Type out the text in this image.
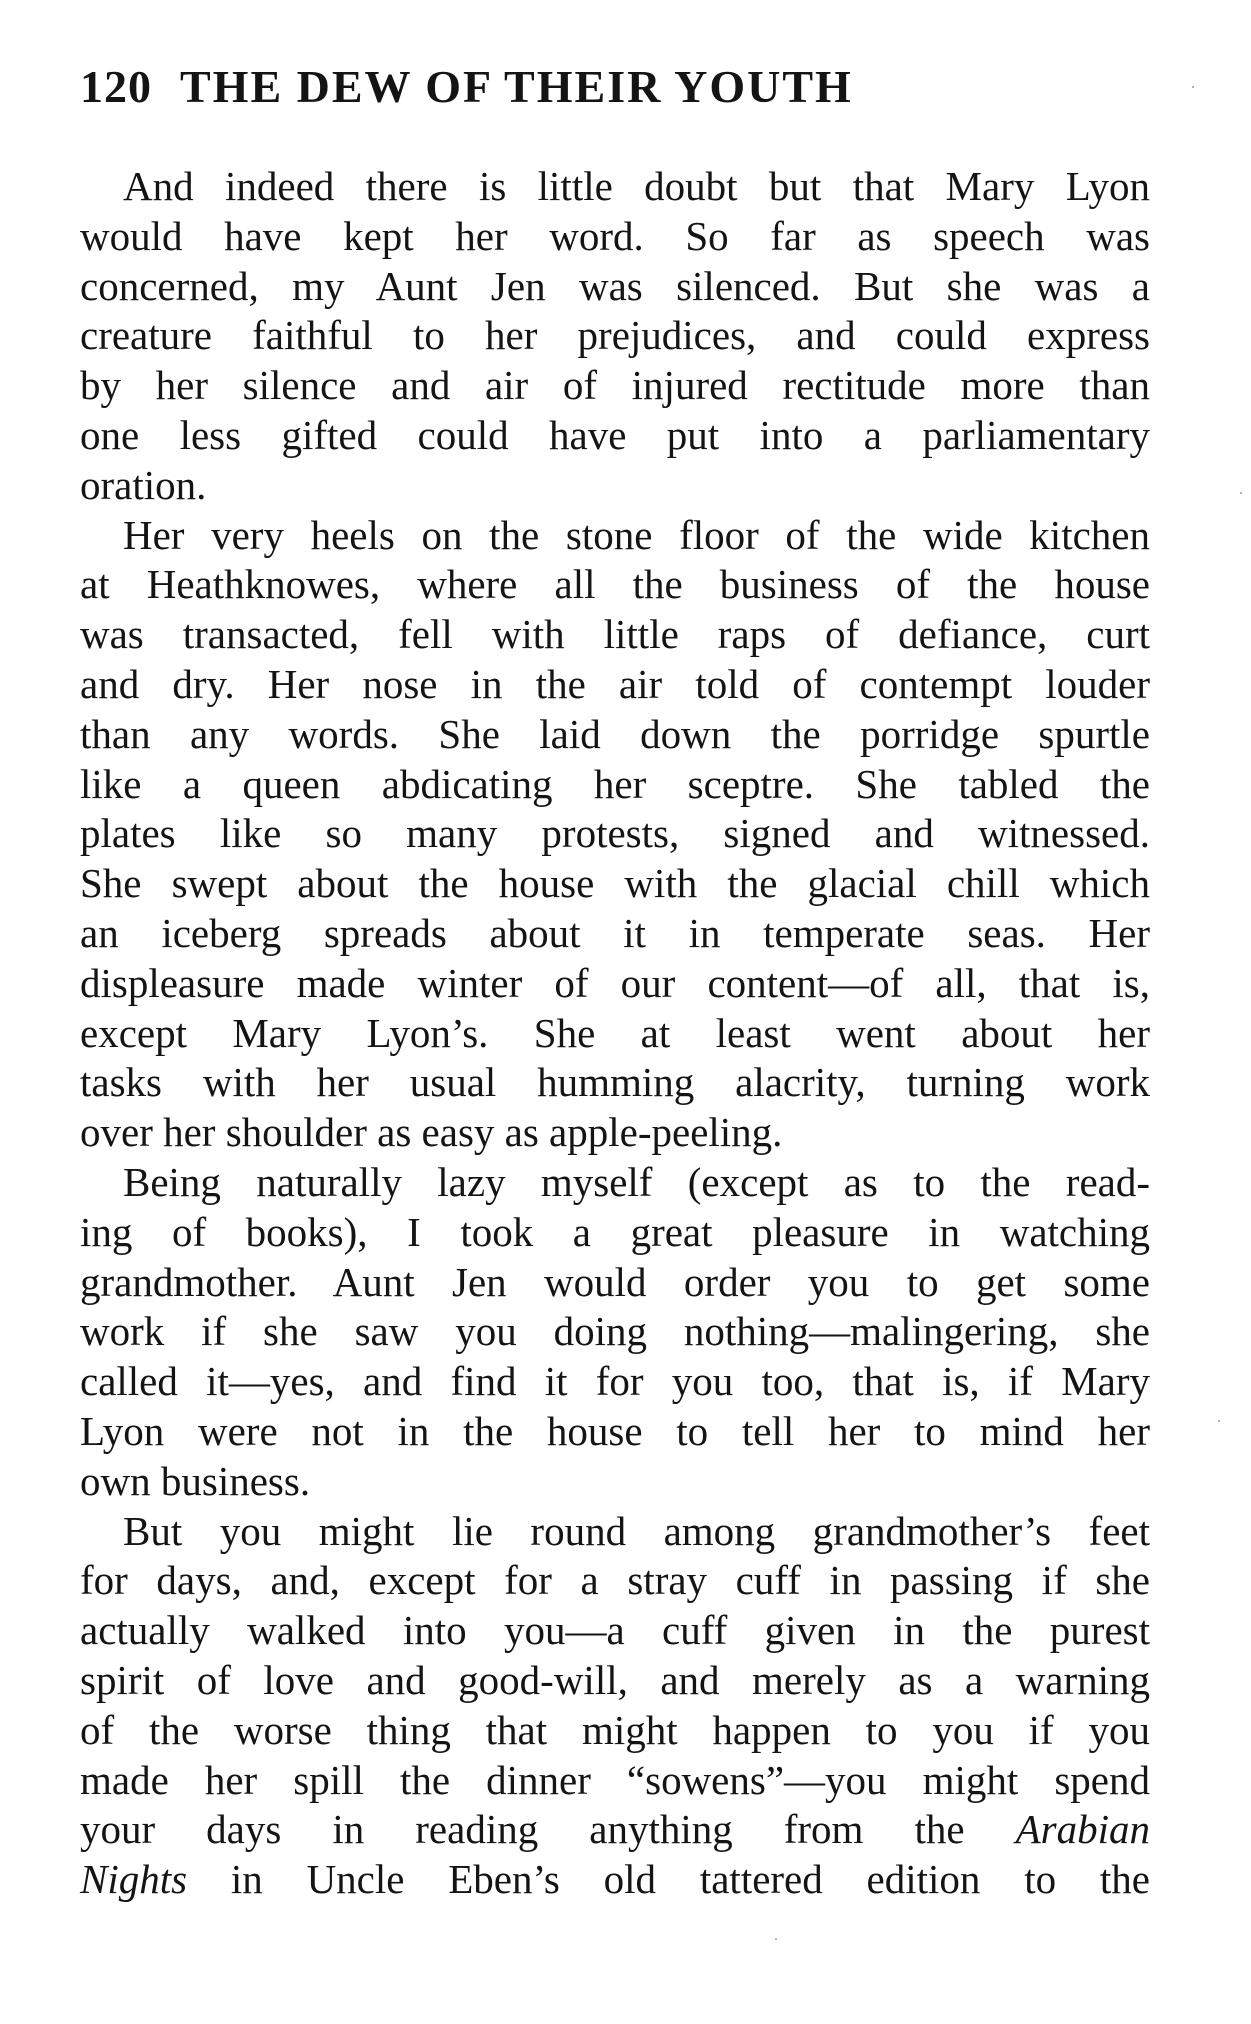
120 THE DEW OF THEIR YOUTH
And indeed there is little doubt but that Mary Lyon
would have kept her word. So far as speech was
concerned, my Aunt Jen was silenced. But she was a
creature faithful to her prejudices, and could express
by her silence and air of injured rectitude more than
one less gifted could have put into a parliamentary
oration.
Her very heels on the stone floor of the wide kitchen
at Heathknowes, where all the business of the house
was transacted, fell with little raps of defiance, curt
and dry. Her nose in the air told of contempt louder
than any words. She laid down the porridge spurtle
like a queen abdicating her sceptre. She tabled the
plates like so many protests, signed and witnessed.
She swept about the house with the glacial chill which
an iceberg spreads about it in temperate seas. Her
displeasure made winter of our content—of all, that is,
except Mary Lyon’s. She at least went about her
tasks with her usual humming alacrity, turning work
over her shoulder as easy as apple-peeling.
Being naturally lazy myself (except as to the read-
ing of books), I took a great pleasure in watching
grandmother. Aunt Jen would order you to get some
work if she saw you doing nothing—malingering, she
called it—yes, and find it for you too, that is, if Mary
Lyon were not in the house to tell her to mind her
own business.
But you might lie round among grandmother’s feet
for days, and, except for a stray cuff in passing if she
actually walked into you—a cuff given in the purest
spirit of love and good-will, and merely as a warning
of the worse thing that might happen to you if you
made her spill the dinner “sowens”—you might spend
your days in reading anything from the Arabian
Nights in Uncle Eben’s old tattered edition to the
